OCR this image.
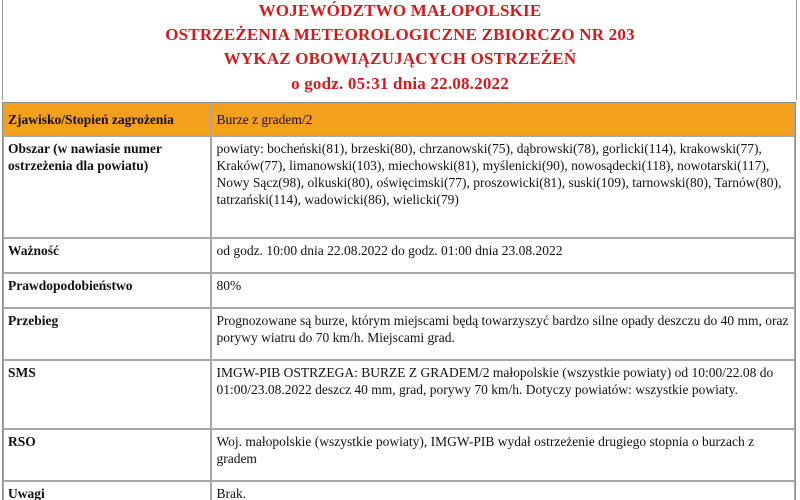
WOJEWÓDZTWO MAŁOPOLSKIE
OSTRZEŻENIA METEOROLOGICZNE ZBIORCZO NR 203
WYKAZ OBOWIĄZUJĄCYCH OSTRZEŻEŃ
o godz. 05:31 dnia 22.08.2022
Zjawisko/Stopień zagrożenia	Burze z gradem/2
Obszar (w nawiasie numer ostrzeżenia dla powiatu)	powiaty: bocheński(81), brzeski(80), chrzanowski(75), dąbrowski(78), gorlicki(114), krakowski(77), Kraków(77), limanowski(103), miechowski(81), myślenicki(90), nowosądecki(118), nowotarski(117), Nowy Sącz(98), olkuski(80), oświęcimski(77), proszowicki(81), suski(109), tarnowski(80), Tarnów(80), tatrzański(114), wadowicki(86), wielicki(79)
Ważność	od godz. 10:00 dnia 22.08.2022 do godz. 01:00 dnia 23.08.2022
Prawdopodobieństwo	80%
Przebieg	Prognozowane są burze, którym miejscami będą towarzyszyć bardzo silne opady deszczu do 40 mm, oraz porywy wiatru do 70 km/h. Miejscami grad.
SMS	IMGW-PIB OSTRZEGA: BURZE Z GRADEM/2 małopolskie (wszystkie powiaty) od 10:00/22.08 do 01:00/23.08.2022 deszcz 40 mm, grad, porywy 70 km/h. Dotyczy powiatów: wszystkie powiaty.
RSO	Woj. małopolskie (wszystkie powiaty), IMGW-PIB wydał ostrzeżenie drugiego stopnia o burzach z gradem
Uwagi	Brak.
